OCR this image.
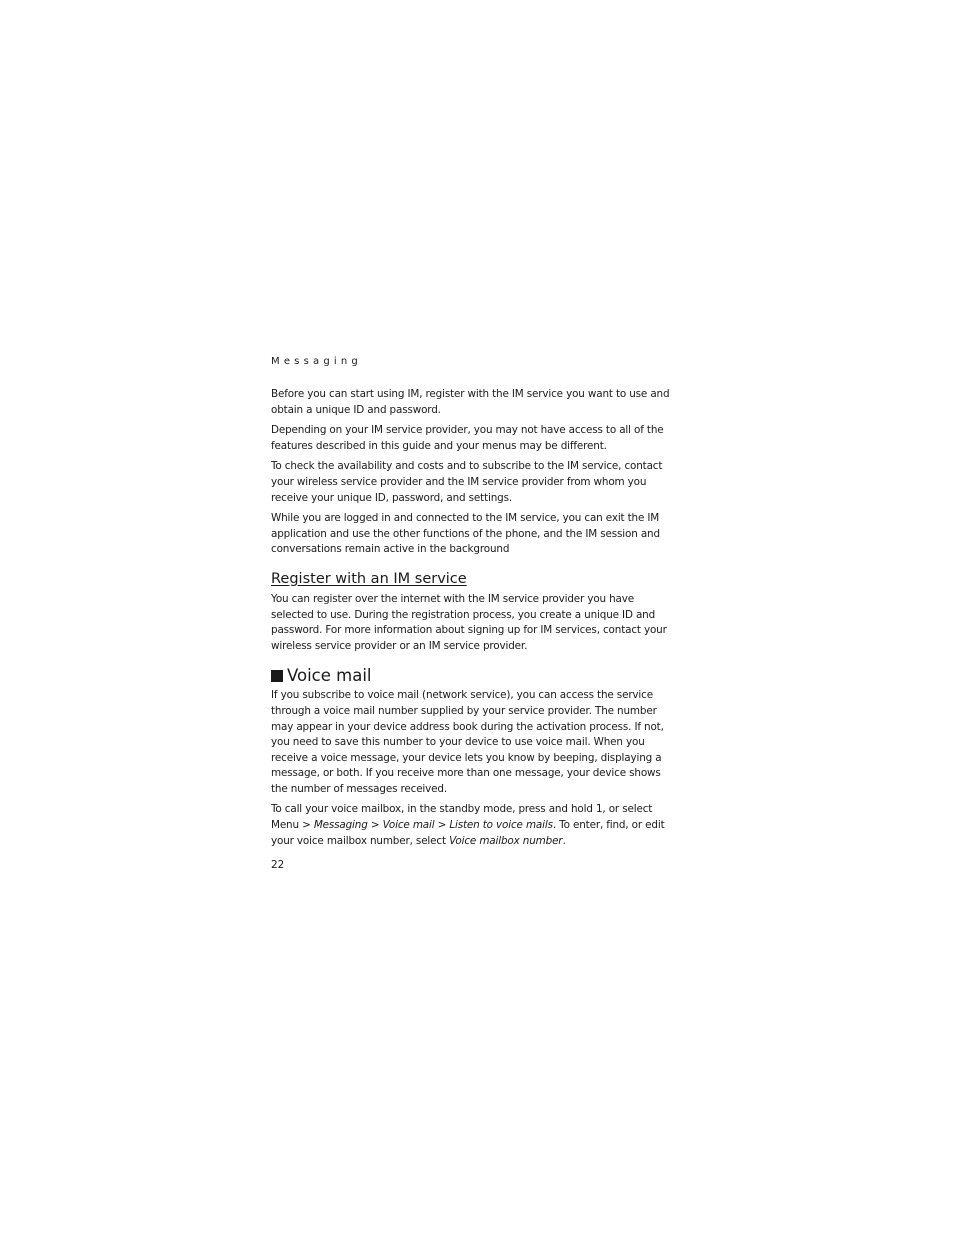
Messaging

Before you can start using IM, register with the IM service you want to use and obtain a unique ID and password.

Depending on your IM service provider, you may not have access to all of the features described in this guide and your menus may be different.

To check the availability and costs and to subscribe to the IM service, contact your wireless service provider and the IM service provider from whom you receive your unique ID, password, and settings.

While you are logged in and connected to the IM service, you can exit the IM application and use the other functions of the phone, and the IM session and conversations remain active in the background

Register with an IM service

You can register over the internet with the IM service provider you have selected to use. During the registration process, you create a unique ID and password. For more information about signing up for IM services, contact your wireless service provider or an IM service provider.

Voice mail

If you subscribe to voice mail (network service), you can access the service through a voice mail number supplied by your service provider. The number may appear in your device address book during the activation process. If not, you need to save this number to your device to use voice mail. When you receive a voice message, your device lets you know by beeping, displaying a message, or both. If you receive more than one message, your device shows the number of messages received.

To call your voice mailbox, in the standby mode, press and hold 1, or select Menu > Messaging > Voice mail > Listen to voice mails. To enter, find, or edit your voice mailbox number, select Voice mailbox number.

22
